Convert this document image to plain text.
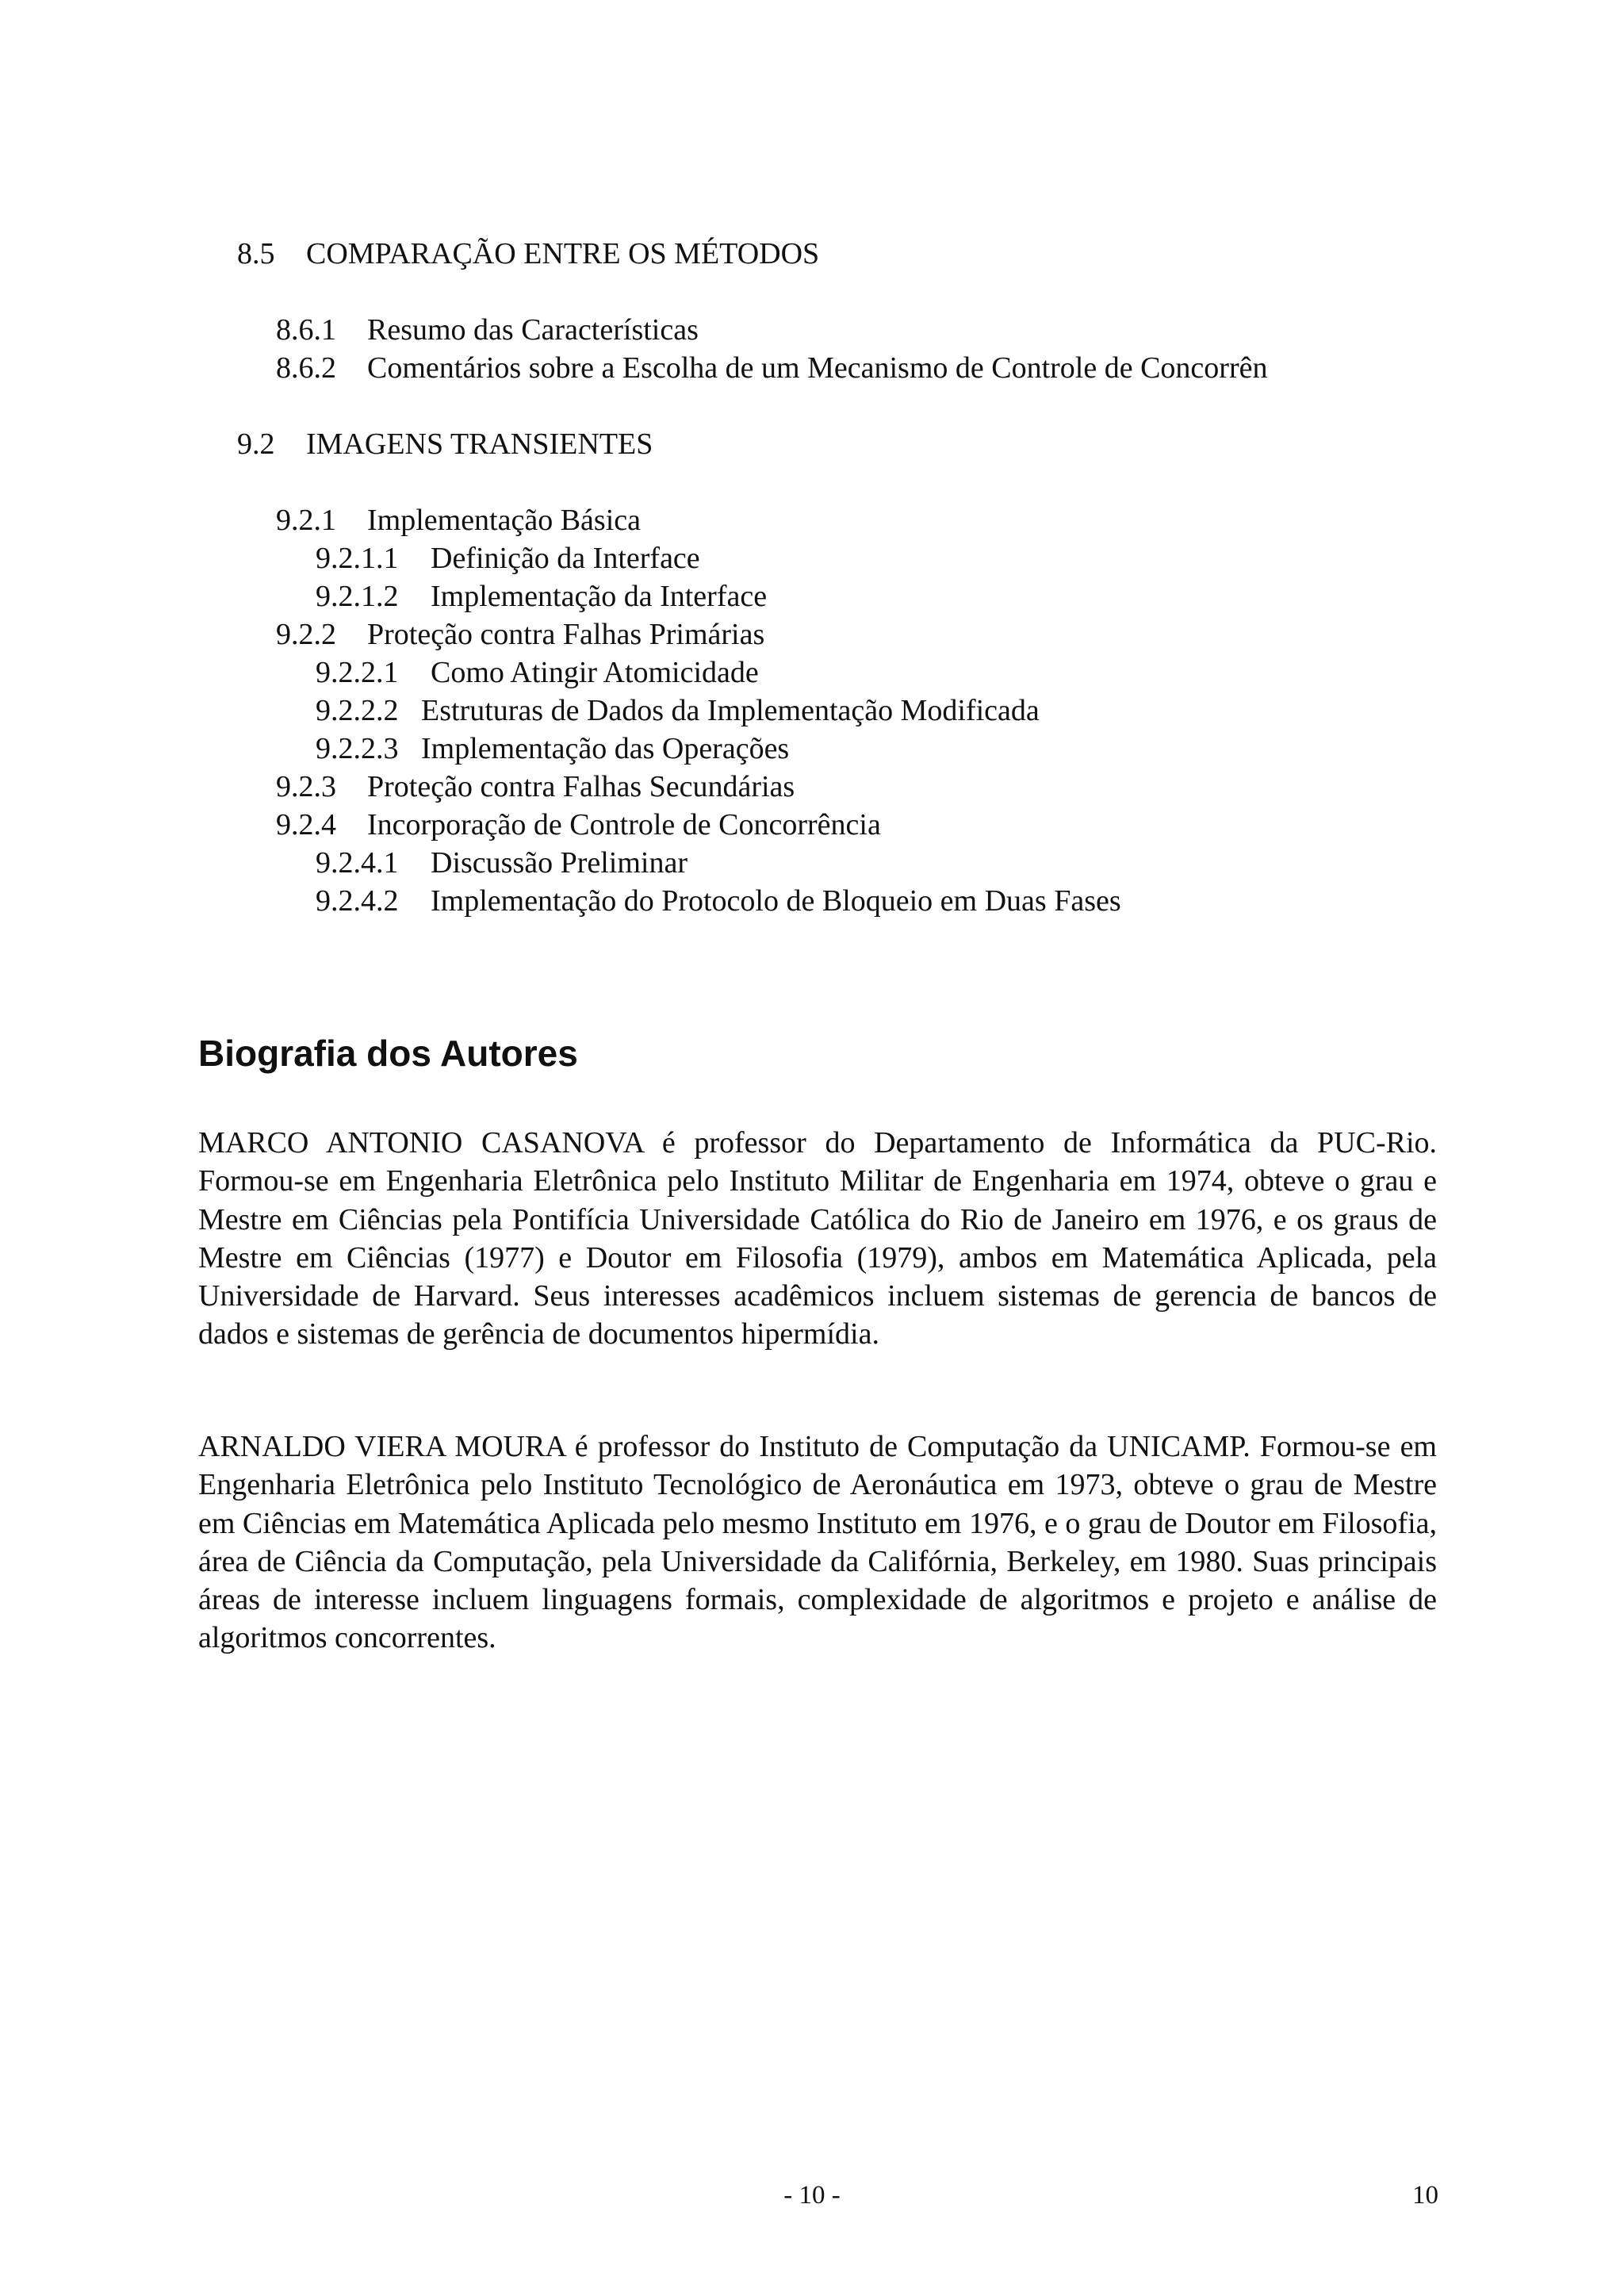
8.5 COMPARAÇÃO ENTRE OS MÉTODOS
8.6.1 Resumo das Características
8.6.2 Comentários sobre a Escolha de um Mecanismo de Controle de Concorrên
9.2 IMAGENS TRANSIENTES
9.2.1 Implementação Básica
9.2.1.1 Definição da Interface
9.2.1.2 Implementação da Interface
9.2.2 Proteção contra Falhas Primárias
9.2.2.1 Como Atingir Atomicidade
9.2.2.2 Estruturas de Dados da Implementação Modificada
9.2.2.3 Implementação das Operações
9.2.3 Proteção contra Falhas Secundárias
9.2.4 Incorporação de Controle de Concorrência
9.2.4.1 Discussão Preliminar
9.2.4.2 Implementação do Protocolo de Bloqueio em Duas Fases
Biografia dos Autores

MARCO ANTONIO CASANOVA é professor do Departamento de Informática da PUC-Rio. Formou-se em Engenharia Eletrônica pelo Instituto Militar de Engenharia em 1974, obteve o grau e Mestre em Ciências pela Pontifícia Universidade Católica do Rio de Janeiro em 1976, e os graus de Mestre em Ciências (1977) e Doutor em Filosofia (1979), ambos em Matemática Aplicada, pela Universidade de Harvard. Seus interesses acadêmicos incluem sistemas de gerencia de bancos de dados e sistemas de gerência de documentos hipermídia.

ARNALDO VIERA MOURA é professor do Instituto de Computação da UNICAMP. Formou-se em Engenharia Eletrônica pelo Instituto Tecnológico de Aeronáutica em 1973, obteve o grau de Mestre em Ciências em Matemática Aplicada pelo mesmo Instituto em 1976, e o grau de Doutor em Filosofia, área de Ciência da Computação, pela Universidade da Califórnia, Berkeley, em 1980. Suas principais áreas de interesse incluem linguagens formais, complexidade de algoritmos e projeto e análise de algoritmos concorrentes.

- 10 -	10
